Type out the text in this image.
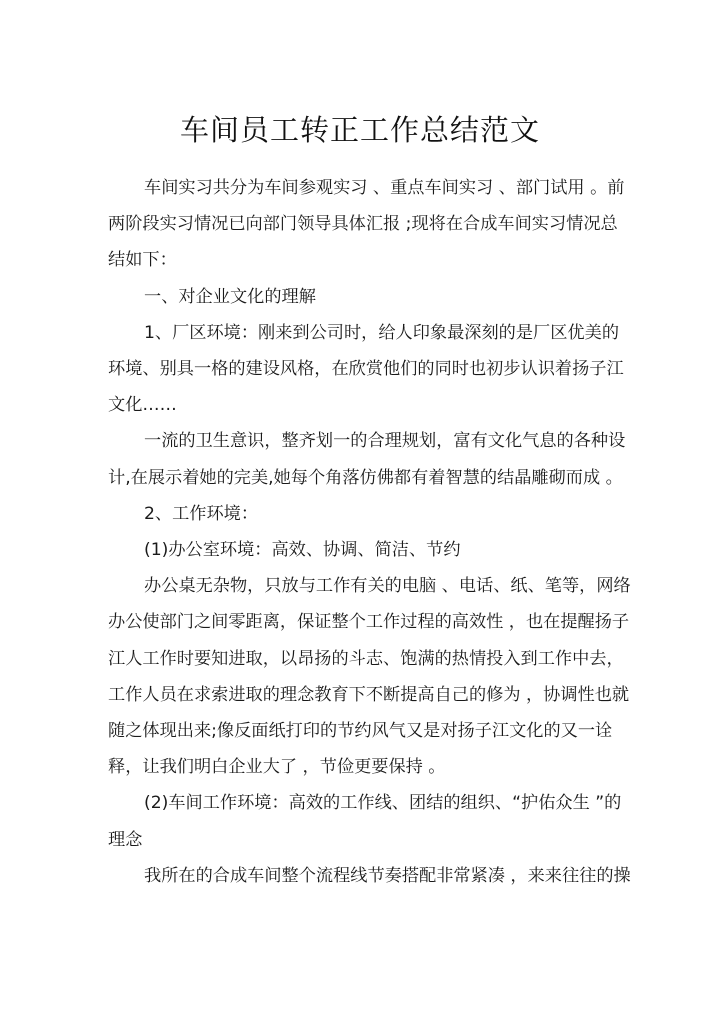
车间员工转正工作总结范文

车间实习共分为车间参观实习 、重点车间实习 、部门试用 。前
两阶段实习情况已向部门领导具体汇报 ;现将在合成车间实习情况总
结如下：

一、对企业文化的理解

1、厂区环境：刚来到公司时，给人印象最深刻的是厂区优美的
环境、别具一格的建设风格，在欣赏他们的同时也初步认识着扬子江
文化……

一流的卫生意识，整齐划一的合理规划，富有文化气息的各种设
计,在展示着她的完美,她每个角落仿佛都有着智慧的结晶雕砌而成 。

2、工作环境：

(1)办公室环境：高效、协调、简洁、节约

办公桌无杂物，只放与工作有关的电脑 、电话、纸、笔等，网络
办公使部门之间零距离，保证整个工作过程的高效性 ，也在提醒扬子
江人工作时要知进取，以昂扬的斗志、饱满的热情投入到工作中去，
工作人员在求索进取的理念教育下不断提高自己的修为 ，协调性也就
随之体现出来;像反面纸打印的节约风气又是对扬子江文化的又一诠
释，让我们明白企业大了 ，节俭更要保持 。

(2)车间工作环境：高效的工作线、团结的组织、“护佑众生 ”的
理念

我所在的合成车间整个流程线节奏搭配非常紧凑 ，来来往往的操
